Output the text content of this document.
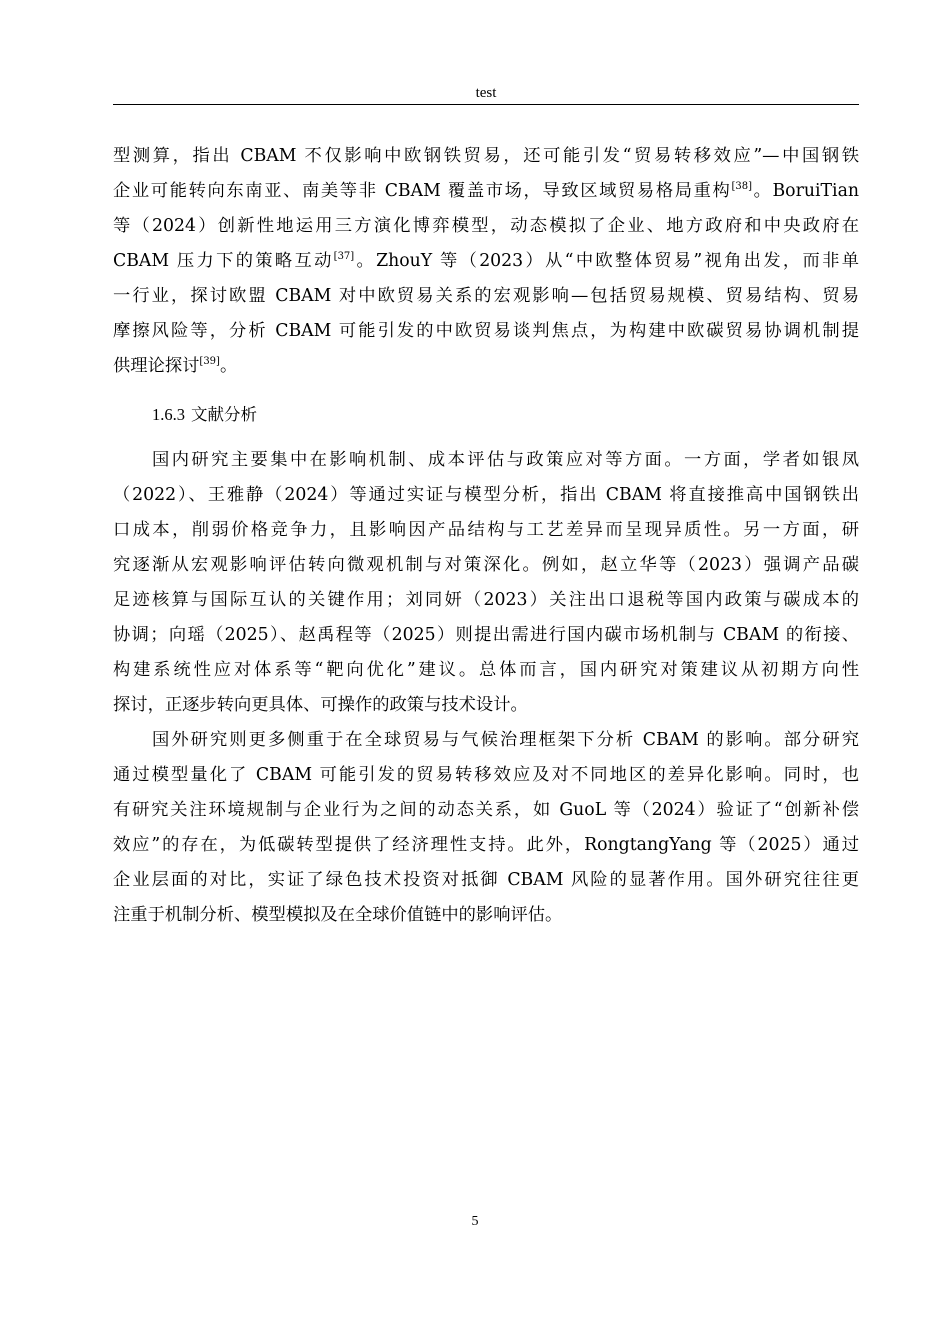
test
型测算，指出 CBAM 不仅影响中欧钢铁贸易，还可能引发“贸易转移效应”—中国钢铁
企业可能转向东南亚、南美等非 CBAM 覆盖市场，导致区域贸易格局重构[38]。BoruiTian
等（2024）创新性地运用三方演化博弈模型，动态模拟了企业、地方政府和中央政府在
CBAM 压力下的策略互动[37]。ZhouY 等（2023）从“中欧整体贸易”视角出发，而非单
一行业，探讨欧盟 CBAM 对中欧贸易关系的宏观影响—包括贸易规模、贸易结构、贸易
摩擦风险等，分析 CBAM 可能引发的中欧贸易谈判焦点，为构建中欧碳贸易协调机制提
供理论探讨[39]。
1.6.3 文献分析
国内研究主要集中在影响机制、成本评估与政策应对等方面。一方面，学者如银凤
（2022）、王雅静（2024）等通过实证与模型分析，指出 CBAM 将直接推高中国钢铁出
口成本，削弱价格竞争力，且影响因产品结构与工艺差异而呈现异质性。另一方面，研
究逐渐从宏观影响评估转向微观机制与对策深化。例如，赵立华等（2023）强调产品碳
足迹核算与国际互认的关键作用；刘同妍（2023）关注出口退税等国内政策与碳成本的
协调；向瑶（2025）、赵禹程等（2025）则提出需进行国内碳市场机制与 CBAM 的衔接、
构建系统性应对体系等“靶向优化”建议。总体而言，国内研究对策建议从初期方向性
探讨，正逐步转向更具体、可操作的政策与技术设计。
国外研究则更多侧重于在全球贸易与气候治理框架下分析 CBAM 的影响。部分研究
通过模型量化了 CBAM 可能引发的贸易转移效应及对不同地区的差异化影响。同时，也
有研究关注环境规制与企业行为之间的动态关系，如 GuoL 等（2024）验证了“创新补偿
效应”的存在，为低碳转型提供了经济理性支持。此外，RongtangYang 等（2025）通过
企业层面的对比，实证了绿色技术投资对抵御 CBAM 风险的显著作用。国外研究往往更
注重于机制分析、模型模拟及在全球价值链中的影响评估。
5
